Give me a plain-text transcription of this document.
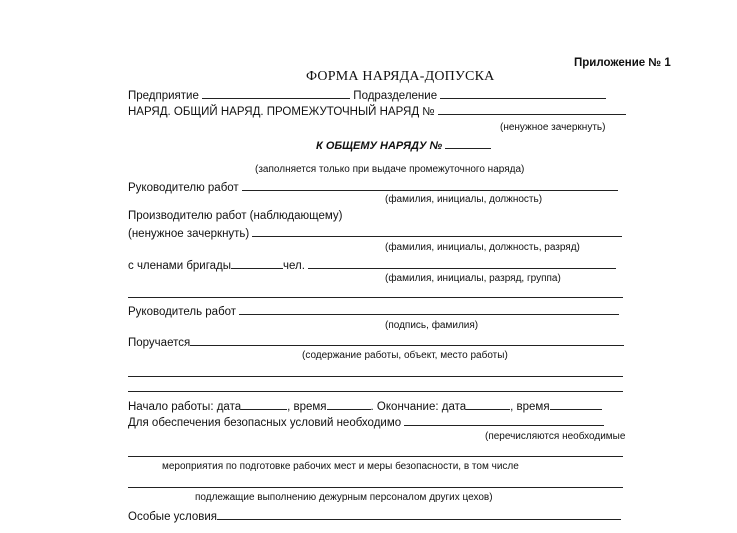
Приложение № 1
ФОРМА НАРЯДА-ДОПУСКА
Предприятие	Подразделение
НАРЯД. ОБЩИЙ НАРЯД. ПРОМЕЖУТОЧНЫЙ НАРЯД №
(ненужное зачеркнуть)
К ОБЩЕМУ НАРЯДУ №
(заполняется только при выдаче промежуточного наряда)
Руководителю работ
(фамилия, инициалы, должность)
Производителю работ (наблюдающему)
(ненужное зачеркнуть)
(фамилия, инициалы, должность, разряд)
с членами бригады	чел.
(фамилия, инициалы, разряд, группа)
Руководитель работ
(подпись, фамилия)
Поручается
(содержание работы, объект, место работы)
Начало работы: дата	, время	. Окончание: дата	, время
Для обеспечения безопасных условий необходимо
(перечисляются необходимые
мероприятия по подготовке рабочих мест и меры безопасности, в том числе
подлежащие выполнению дежурным персоналом других цехов)
Особые условия
